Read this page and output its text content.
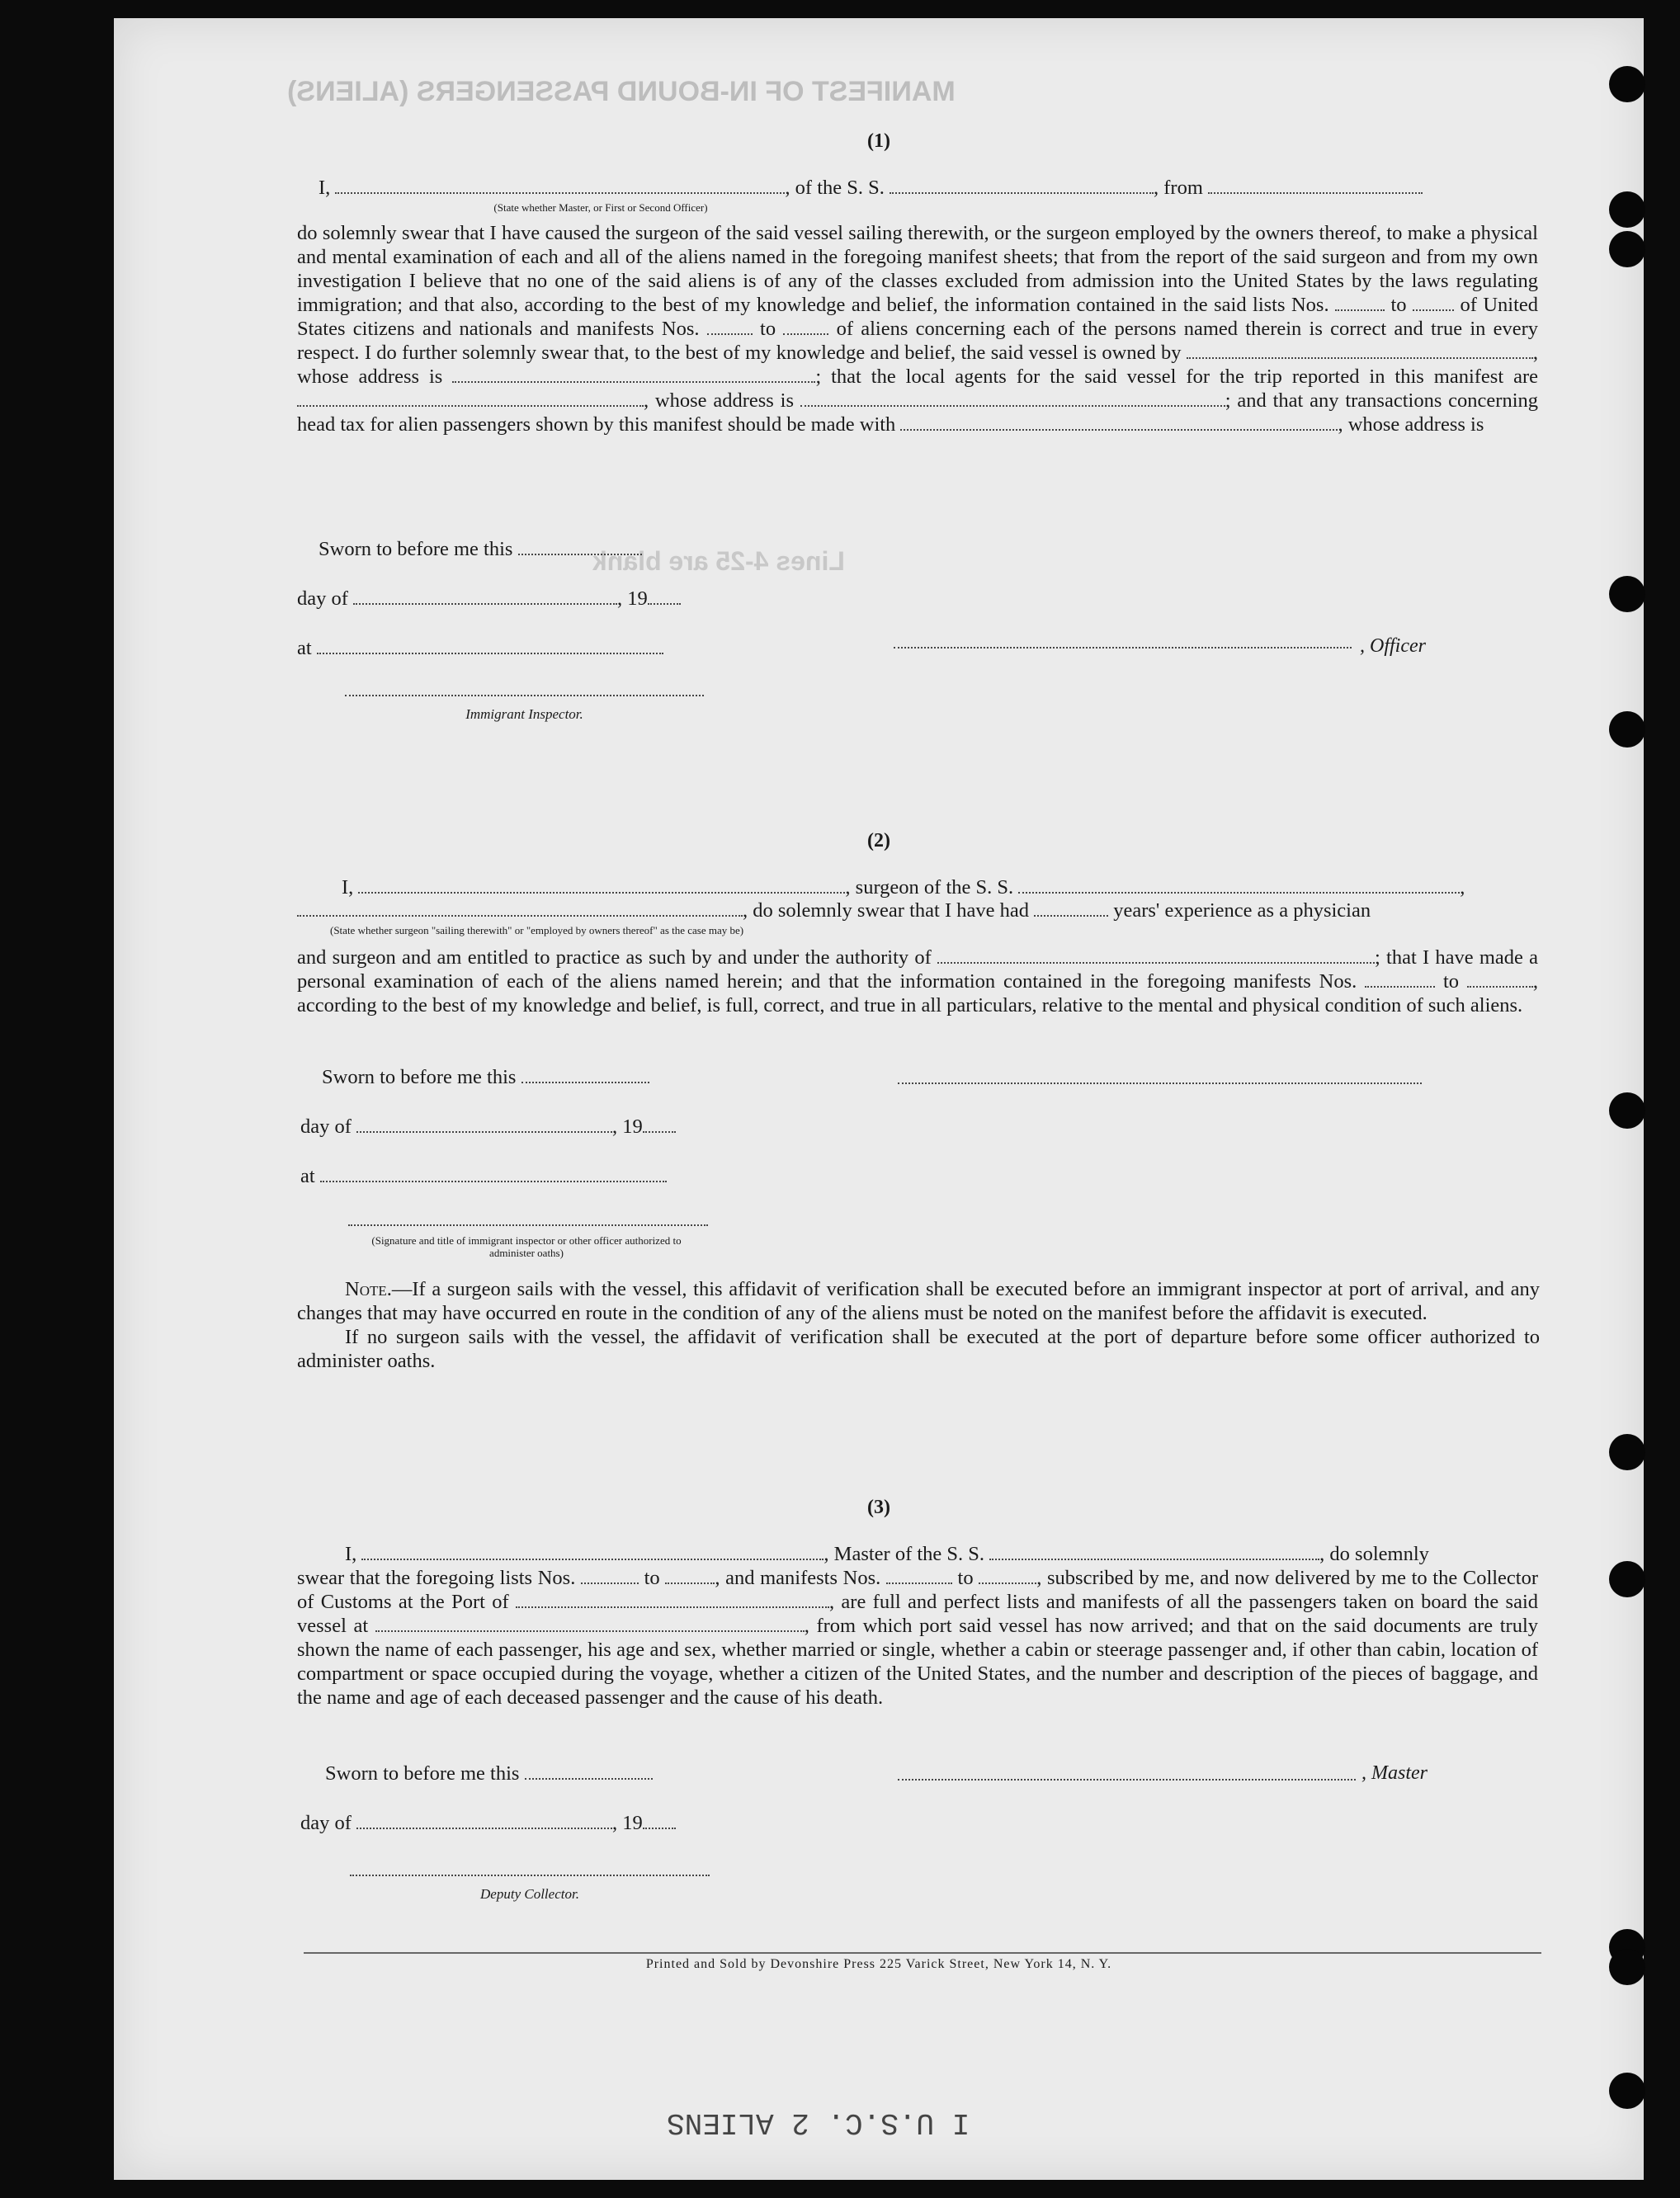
MANIFEST OF IN-BOUND PASSENGERS (ALIENS)
Lines 4-25 are blank
(1)
I,	, of the S. S.	, from
(State whether Master, or First or Second Officer)
do solemnly swear that I have caused the surgeon of the said vessel sailing therewith, or the surgeon employed by the owners thereof, to make a physical and mental examination of each and all of the aliens named in the foregoing manifest sheets; that from the report of the said surgeon and from my own investigation I believe that no one of the said aliens is of any of the classes excluded from admission into the United States by the laws regulating immigration; and that also, according to the best of my knowledge and belief, the information contained in the said lists Nos.	to	of United States citizens and nationals and manifests Nos.	to	of aliens concerning each of the persons named therein is correct and true in every respect. I do further solemnly swear that, to the best of my knowledge and belief, the said vessel is owned by	, whose address is	; that the local agents for the said vessel for the trip reported in this manifest are , whose address is	; and that any transactions concerning head tax for alien passengers shown by this manifest should be made with	, whose address is
Sworn to before me this
day of	, 19
at	, Officer
Immigrant Inspector.
(2)
I,	, surgeon of the S. S.	,
, do solemnly swear that I have had	years' experience as a physician
(State whether surgeon "sailing therewith" or "employed by owners thereof" as the case may be)
and surgeon and am entitled to practice as such by and under the authority of	; that I have made a personal examination of each of the aliens named herein; and that the information contained in the foregoing manifests Nos.	to	, according to the best of my knowledge and belief, is full, correct, and true in all particulars, relative to the mental and physical condition of such aliens.
Sworn to before me this
day of	, 19
at
(Signature and title of immigrant inspector or other officer authorized to administer oaths)
Note.—If a surgeon sails with the vessel, this affidavit of verification shall be executed before an immigrant inspector at port of arrival, and any changes that may have occurred en route in the condition of any of the aliens must be noted on the manifest before the affidavit is executed.
If no surgeon sails with the vessel, the affidavit of verification shall be executed at the port of departure before some officer authorized to administer oaths.
(3)
I,	, Master of the S. S.	, do solemnly
swear that the foregoing lists Nos.	to	, and manifests Nos.	to	, subscribed by me, and now delivered by me to the Collector of Customs at the Port of	, are full and perfect lists and manifests of all the passengers taken on board the said vessel at	, from which port said vessel has now arrived; and that on the said documents are truly shown the name of each passenger, his age and sex, whether married or single, whether a cabin or steerage passenger and, if other than cabin, location of compartment or space occupied during the voyage, whether a citizen of the United States, and the number and description of the pieces of baggage, and the name and age of each deceased passenger and the cause of his death.
Sworn to before me this	, Master
day of	, 19
Deputy Collector.
Printed and Sold by Devonshire Press 225 Varick Street, New York 14, N. Y.
I U.S.C. 2 ALIENS
